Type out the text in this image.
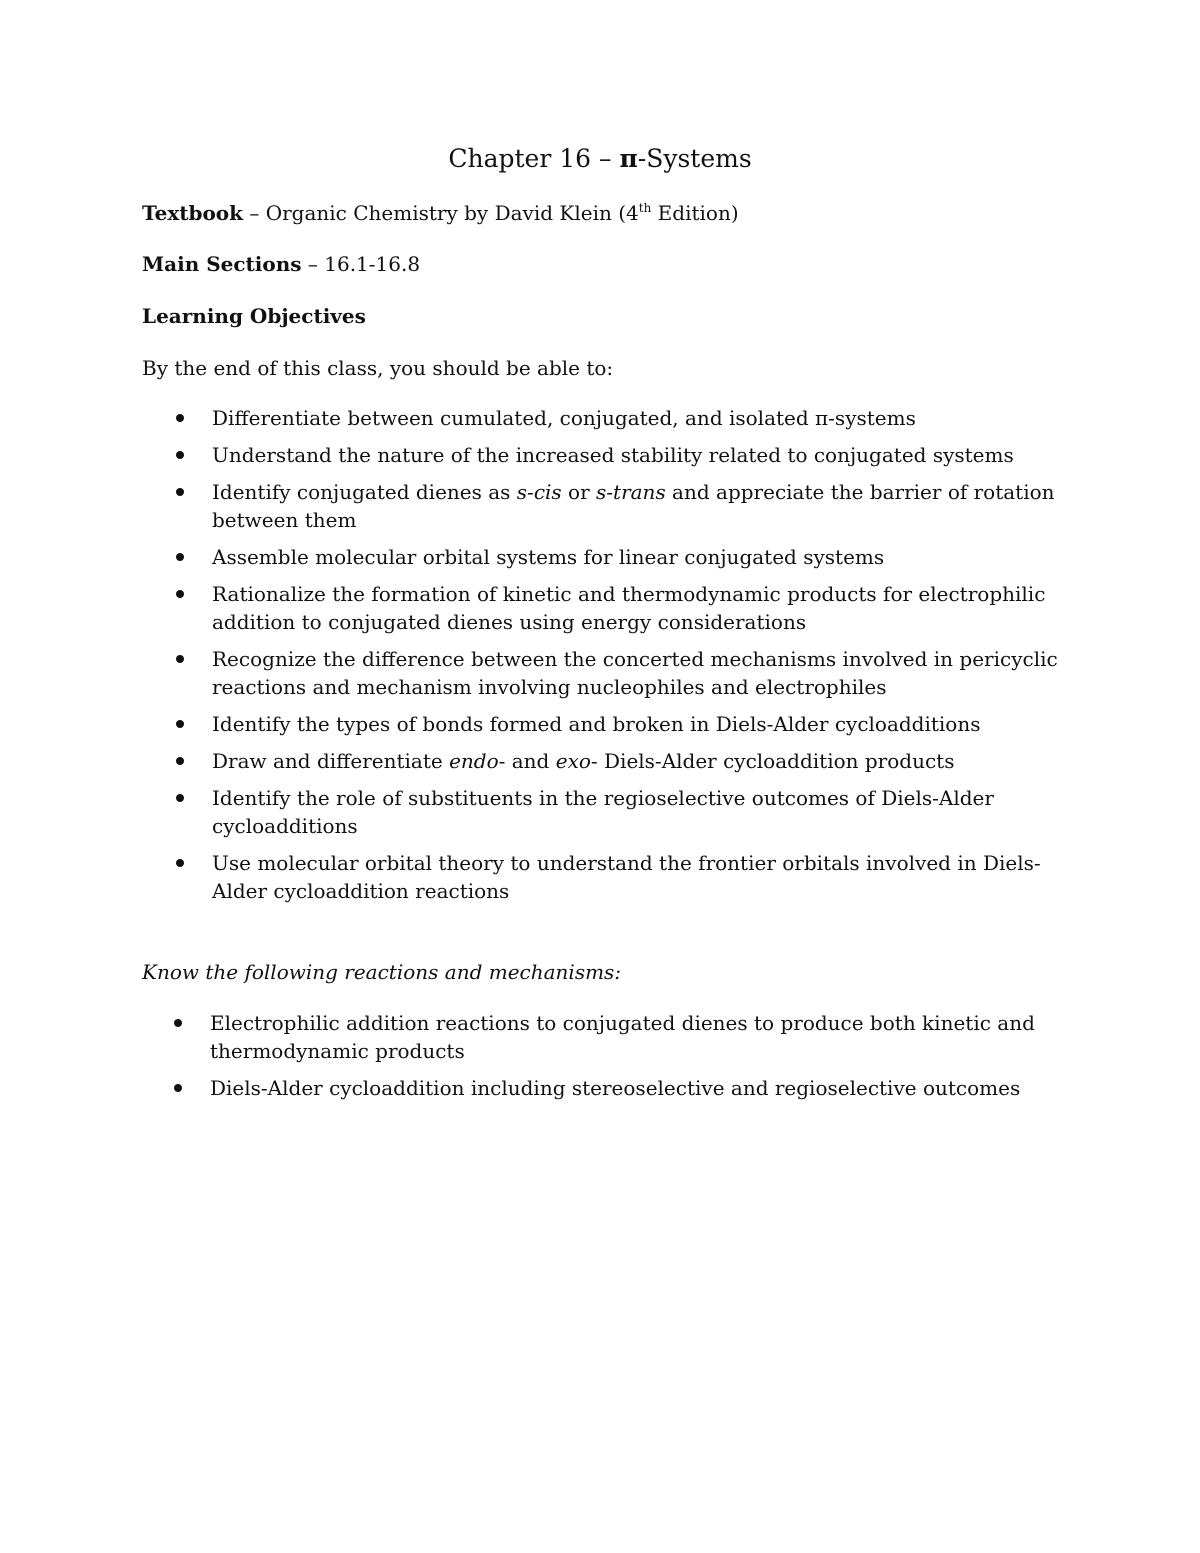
Chapter 16 – π-Systems
Textbook – Organic Chemistry by David Klein (4th Edition)
Main Sections – 16.1-16.8
Learning Objectives
By the end of this class, you should be able to:
Differentiate between cumulated, conjugated, and isolated π-systems
Understand the nature of the increased stability related to conjugated systems
Identify conjugated dienes as s-cis or s-trans and appreciate the barrier of rotation between them
Assemble molecular orbital systems for linear conjugated systems
Rationalize the formation of kinetic and thermodynamic products for electrophilic addition to conjugated dienes using energy considerations
Recognize the difference between the concerted mechanisms involved in pericyclic reactions and mechanism involving nucleophiles and electrophiles
Identify the types of bonds formed and broken in Diels-Alder cycloadditions
Draw and differentiate endo- and exo- Diels-Alder cycloaddition products
Identify the role of substituents in the regioselective outcomes of Diels-Alder cycloadditions
Use molecular orbital theory to understand the frontier orbitals involved in Diels-Alder cycloaddition reactions
Know the following reactions and mechanisms:
Electrophilic addition reactions to conjugated dienes to produce both kinetic and thermodynamic products
Diels-Alder cycloaddition including stereoselective and regioselective outcomes
